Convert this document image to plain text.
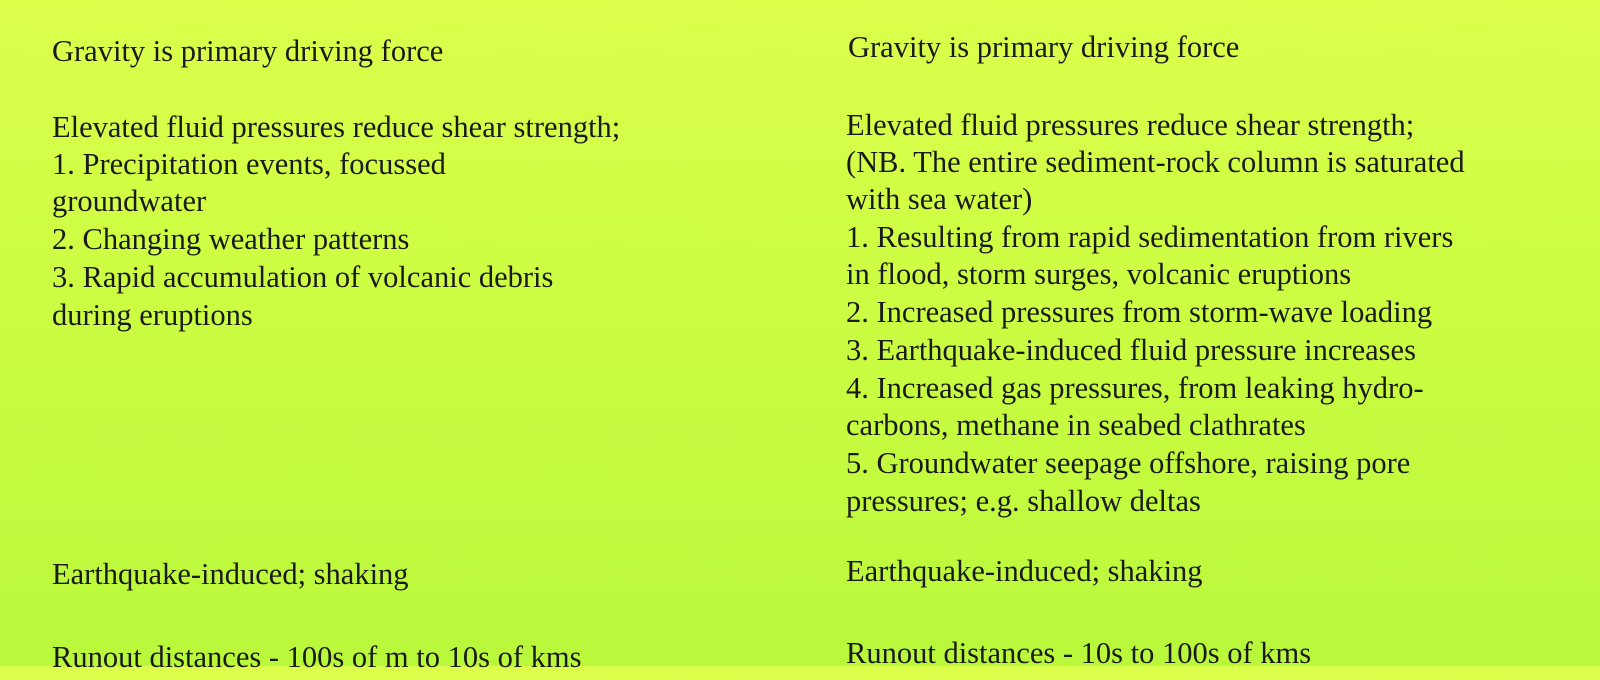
Gravity is primary driving force
Elevated fluid pressures reduce shear strength;
1. Precipitation events, focussed
groundwater
2. Changing weather patterns
3. Rapid accumulation of volcanic debris
during eruptions
Earthquake-induced; shaking
Runout distances - 100s of m to 10s of kms
Gravity is primary driving force
Elevated fluid pressures reduce shear strength;
(NB. The entire sediment-rock column is saturated
with sea water)
1. Resulting from rapid sedimentation from rivers
in flood, storm surges, volcanic eruptions
2. Increased pressures from storm-wave loading
3. Earthquake-induced fluid pressure increases
4. Increased gas pressures, from leaking hydro-
carbons, methane in seabed clathrates
5. Groundwater seepage offshore, raising pore
pressures; e.g. shallow deltas
Earthquake-induced; shaking
Runout distances - 10s to 100s of kms
